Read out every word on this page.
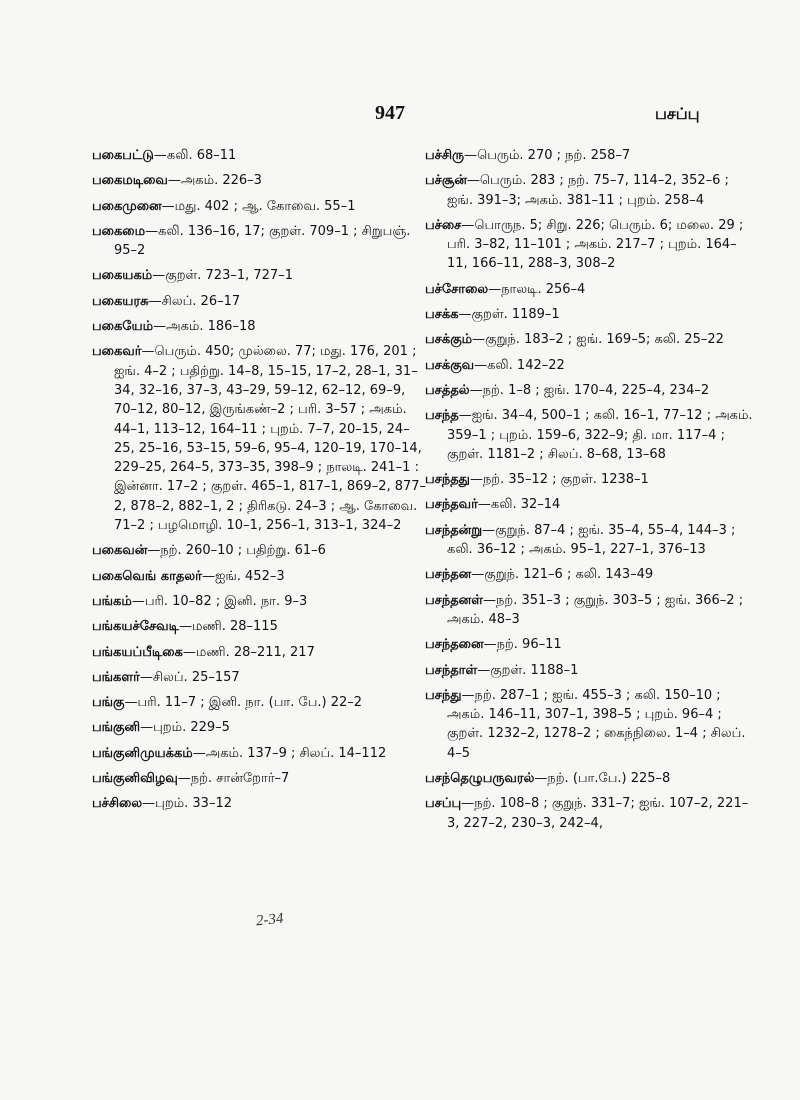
947	பசப்பு
பகைபட்டு—கலி. 68–11
பகைமடிவை—அகம். 226–3
பகைமுனை—மது. 402 ; ஆ. கோவை. 55–1
பகைமை—கலி. 136–16, 17; குறள். 709–1 ; சிறுபஞ். 95–2
பகையகம்—குறள். 723–1, 727–1
பகையரசு—சிலப். 26–17
பகையேம்—அகம். 186–18
பகைவர்—பெரும். 450; முல்லை. 77; மது. 176, 201 ; ஐங். 4–2 ; பதிற்று. 14–8, 15–15, 17–2, 28–1, 31–34, 32–16, 37–3, 43–29, 59–12, 62–12, 69–9, 70–12, 80–12, இருங்கண்–2 ; பரி. 3–57 ; அகம். 44–1, 113–12, 164–11 ; புறம். 7–7, 20–15, 24–25, 25–16, 53–15, 59–6, 95–4, 120–19, 170–14, 229–25, 264–5, 373–35, 398–9 ; நாலடி. 241–1 : இன்னா. 17–2 ; குறள். 465–1, 817–1, 869–2, 877–2, 878–2, 882–1, 2 ; திரிகடு. 24–3 ; ஆ. கோவை. 71–2 ; பழமொழி. 10–1, 256–1, 313–1, 324–2
பகைவன்—நற். 260–10 ; பதிற்று. 61–6
பகைவெங் காதலர்—ஐங். 452–3
பங்கம்—பரி. 10–82 ; இனி. நா. 9–3
பங்கயச்சேவடி—மணி. 28–115
பங்கயப்பீடிகை—மணி. 28–211, 217
பங்களர்—சிலப். 25–157
பங்கு—பரி. 11–7 ; இனி. நா. (பா. பே.) 22–2
பங்குனி—புறம். 229–5
பங்குனிமுயக்கம்—அகம். 137–9 ; சிலப். 14–112
பங்குனிவிழவு—நற். சான்றோர்–7
பச்சிலை—புறம். 33–12
பச்சிரு—பெரும். 270 ; நற். 258–7
பச்சூன்—பெரும். 283 ; நற். 75–7, 114–2, 352–6 ; ஐங். 391–3; அகம். 381–11 ; புறம். 258–4
பச்சை—பொருந. 5; சிறு. 226; பெரும். 6; மலை. 29 ; பரி. 3–82, 11–101 ; அகம். 217–7 ; புறம். 164–11, 166–11, 288–3, 308–2
பச்சோலை—நாலடி. 256–4
பசக்க—குறள். 1189–1
பசக்கும்—குறுந். 183–2 ; ஐங். 169–5; கலி. 25–22
பசக்குவ—கலி. 142–22
பசத்தல்—நற். 1–8 ; ஐங். 170–4, 225–4, 234–2
பசந்த—ஐங். 34–4, 500–1 ; கலி. 16–1, 77–12 ; அகம். 359–1 ; புறம். 159–6, 322–9; தி. மா. 117–4 ; குறள். 1181–2 ; சிலப். 8–68, 13–68
பசந்தது—நற். 35–12 ; குறள். 1238–1
பசந்தவர்—கலி. 32–14
பசந்தன்று—குறுந். 87–4 ; ஐங். 35–4, 55–4, 144–3 ; கலி. 36–12 ; அகம். 95–1, 227–1, 376–13
பசந்தன—குறுந். 121–6 ; கலி. 143–49
பசந்தனள்—நற். 351–3 ; குறுந். 303–5 ; ஐங். 366–2 ; அகம். 48–3
பசந்தனை—நற். 96–11
பசந்தாள்—குறள். 1188–1
பசந்து—நற். 287–1 ; ஐங். 455–3 ; கலி. 150–10 ; அகம். 146–11, 307–1, 398–5 ; புறம். 96–4 ; குறள். 1232–2, 1278–2 ; கைந்நிலை. 1–4 ; சிலப். 4–5
பசந்தெழுபருவரல்—நற். (பா.பே.) 225–8
பசப்பு—நற். 108–8 ; குறுந். 331–7; ஐங். 107–2, 221–3, 227–2, 230–3, 242–4,
2-34
